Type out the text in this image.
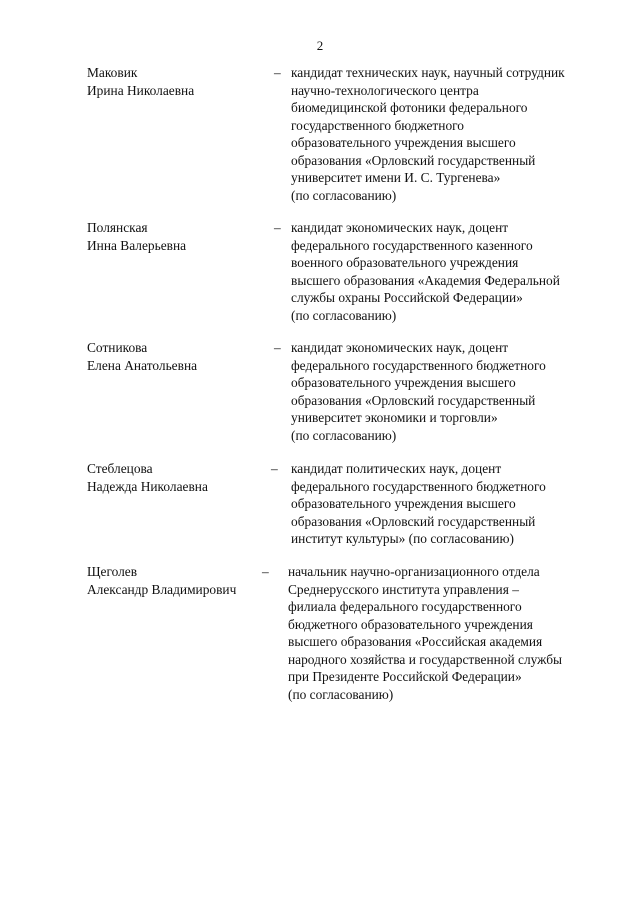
2
Маковик
Ирина Николаевна
– кандидат технических наук, научный сотрудник
научно-технологического центра
биомедицинской фотоники федерального
государственного бюджетного
образовательного учреждения высшего
образования «Орловский государственный
университет имени И. С. Тургенева»
(по согласованию)
Полянская
Инна Валерьевна
– кандидат экономических наук, доцент
федерального государственного казенного
военного образовательного учреждения
высшего образования «Академия Федеральной
службы охраны Российской Федерации»
(по согласованию)
Сотникова
Елена Анатольевна
– кандидат экономических наук, доцент
федерального государственного бюджетного
образовательного учреждения высшего
образования «Орловский государственный
университет экономики и торговли»
(по согласованию)
Стеблецова
Надежда Николаевна
– кандидат политических наук, доцент
федерального государственного бюджетного
образовательного учреждения высшего
образования «Орловский государственный
институт культуры» (по согласованию)
Щеголев
Александр Владимирович
– начальник научно-организационного отдела
Среднерусского института управления –
филиала федерального государственного
бюджетного образовательного учреждения
высшего образования «Российская академия
народного хозяйства и государственной службы
при Президенте Российской Федерации»
(по согласованию)
